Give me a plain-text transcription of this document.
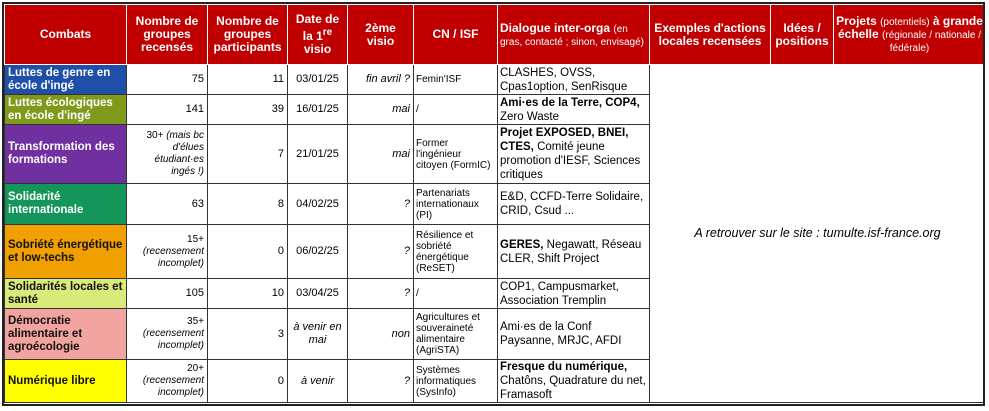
Combats	Nombre de groupes recensés	Nombre de groupes participants	Date de la 1re visio	2ème visio	CN / ISF	Dialogue inter-orga (en gras, contacté ; sinon, envisagé)	Exemples d'actions locales recensées	Idées / positions	Projets (potentiels) à grande échelle (régionale / nationale / fédérale)
Luttes de genre en école d'ingé	75	11	03/01/25	fin avril ?	Femin'ISF	CLASHES, OVSS, Cpas1option, SenRisque	A retrouver sur le site : tumulte.isf-france.org		
Luttes écologiques en école d'ingé	141	39	16/01/25	mai	/	Ami·es de la Terre, COP4, Zero Waste			
Transformation des formations	30+ (mais bc d'élues étudiant·es ingés !)	7	21/01/25	mai	Former l'ingénieur citoyen (FormIC)	Projet EXPOSED, BNEI, CTES, Comité jeune promotion d'IESF, Sciences critiques			
Solidarité internationale	63	8	04/02/25	?	Partenariats internationaux (PI)	E&D, CCFD-Terre Solidaire, CRID, Csud ...			
Sobriété énergétique et low-techs	15+ (recensement incomplet)	0	06/02/25	?	Résilience et sobriété énergétique (ReSET)	GERES, Negawatt, Réseau CLER, Shift Project			
Solidarités locales et santé	105	10	03/04/25	?	/	COP1, Campusmarket, Association Tremplin			
Démocratie alimentaire et agroécologie	35+ (recensement incomplet)	3	à venir en mai	non	Agricultures et souveraineté alimentaire (AgriSTA)	Ami·es de la Conf Paysanne, MRJC, AFDI			
Numérique libre	20+ (recensement incomplet)	0	à venir	?	Systèmes informatiques (SysInfo)	Fresque du numérique, Chatôns, Quadrature du net, Framasoft			
